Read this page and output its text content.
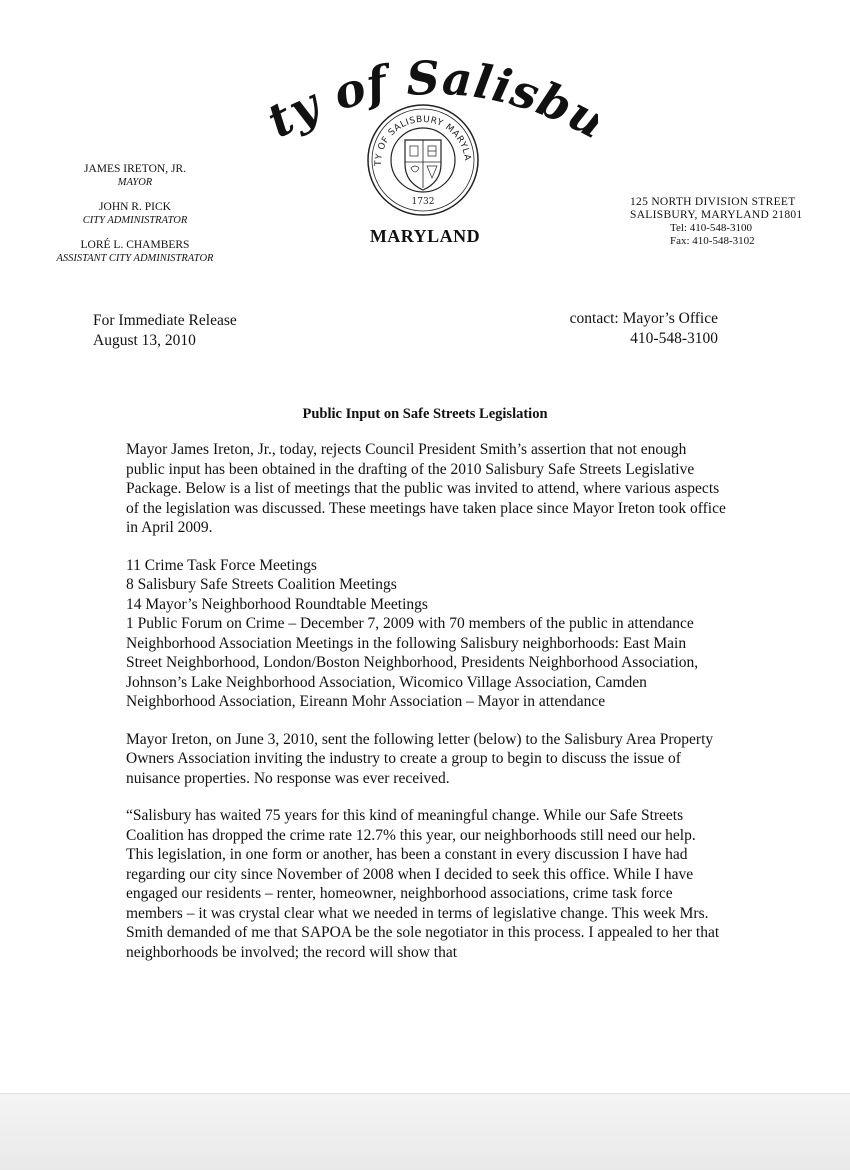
y of Salisb
TY OF SALISBURY MARYLA
1732
MARYLAND
JAMES IRETON, JR.
MAYOR
JOHN R. PICK
CITY ADMINISTRATOR
LORÉ L. CHAMBERS
ASSISTANT CITY ADMINISTRATOR
125 NORTH DIVISION STREET
SALISBURY, MARYLAND 21801
Tel: 410-548-3100
Fax: 410-548-3102
For Immediate Release
August 13, 2010
contact: Mayor’s Office
410-548-3100
Public Input on Safe Streets Legislation

Mayor James Ireton, Jr., today, rejects Council President Smith’s assertion that not enough public input has been obtained in the drafting of the 2010 Salisbury Safe Streets Legislative Package. Below is a list of meetings that the public was invited to attend, where various aspects of the legislation was discussed. These meetings have taken place since Mayor Ireton took office in April 2009.

11 Crime Task Force Meetings

8 Salisbury Safe Streets Coalition Meetings

14 Mayor’s Neighborhood Roundtable Meetings

1 Public Forum on Crime – December 7, 2009 with 70 members of the public in attendance

Neighborhood Association Meetings in the following Salisbury neighborhoods: East Main Street Neighborhood, London/Boston Neighborhood, Presidents Neighborhood Association, Johnson’s Lake Neighborhood Association, Wicomico Village Association, Camden Neighborhood Association, Eireann Mohr Association – Mayor in attendance

Mayor Ireton, on June 3, 2010, sent the following letter (below) to the Salisbury Area Property Owners Association inviting the industry to create a group to begin to discuss the issue of nuisance properties. No response was ever received.

“Salisbury has waited 75 years for this kind of meaningful change. While our Safe Streets Coalition has dropped the crime rate 12.7% this year, our neighborhoods still need our help. This legislation, in one form or another, has been a constant in every discussion I have had regarding our city since November of 2008 when I decided to seek this office. While I have engaged our residents – renter, homeowner, neighborhood associations, crime task force members – it was crystal clear what we needed in terms of legislative change. This week Mrs. Smith demanded of me that SAPOA be the sole negotiator in this process. I appealed to her that neighborhoods be involved; the record will show that
